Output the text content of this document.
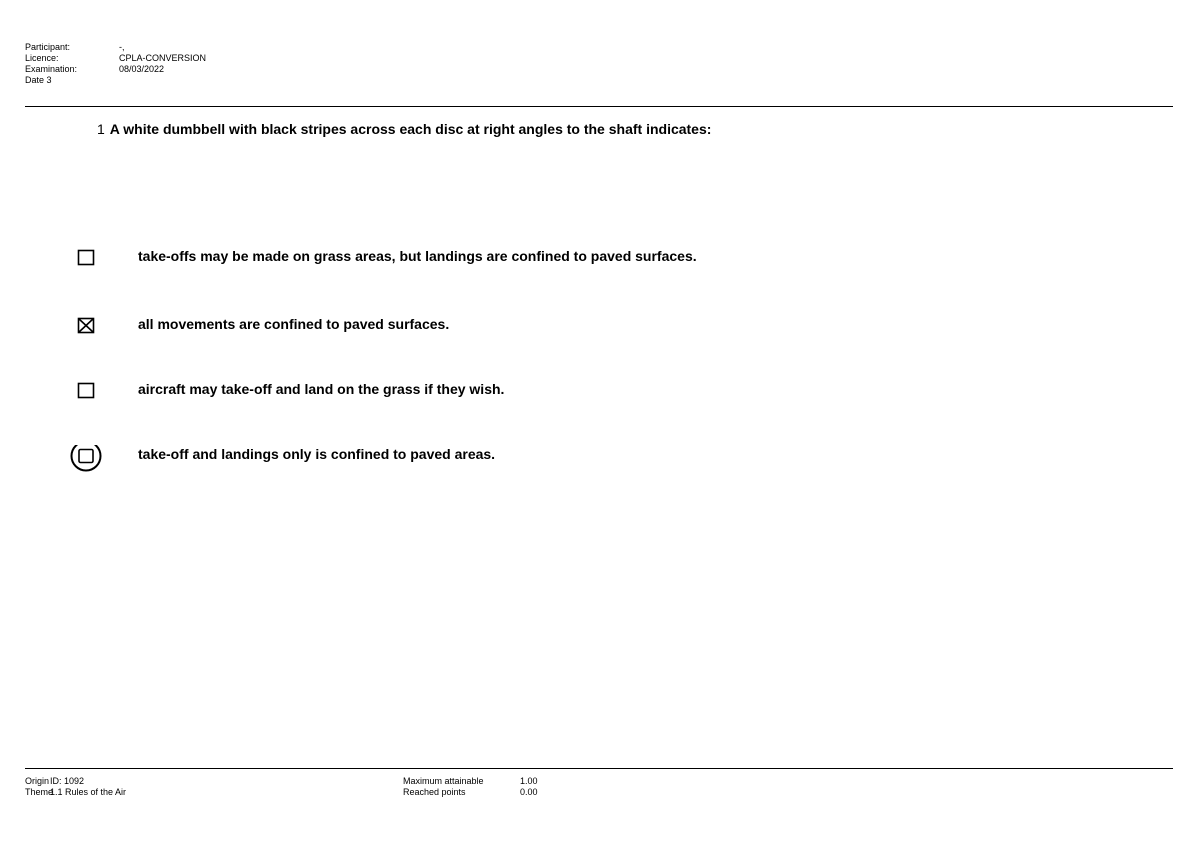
Participant:	-,
Licence:	CPLA-CONVERSION
Examination:	08/03/2022
Date 3
1 A white dumbbell with black stripes across each disc at right angles to the shaft indicates:
take-offs may be made on grass areas, but landings are confined to paved surfaces.
all movements are confined to paved surfaces.
aircraft may take-off and land on the grass if they wish.
take-off and landings only is confined to paved areas.
Origin ID: 1092
Theme
1.1 Rules of the Air
Maximum attainable	1.00
Reached points	0.00
